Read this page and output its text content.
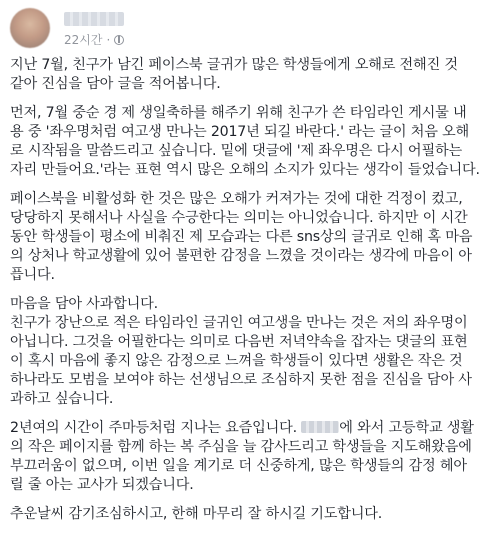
22시간 ·

지난 7월, 친구가 남긴 페이스북 글귀가 많은 학생들에게 오해로 전해진 것
같아 진심을 담아 글을 적어봅니다.

먼저, 7월 중순 경 제 생일축하를 해주기 위해 친구가 쓴 타임라인 게시물 내
용 중 '좌우명처럼 여고생 만나는 2017년 되길 바란다.' 라는 글이 처음 오해
로 시작됨을 말씀드리고 싶습니다. 밑에 댓글에 '제 좌우명은 다시 어필하는
자리 만들어요.'라는 표현 역시 많은 오해의 소지가 있다는 생각이 들었습니다.

페이스북을 비활성화 한 것은 많은 오해가 커져가는 것에 대한 걱정이 컸고,
당당하지 못해서나 사실을 수긍한다는 의미는 아니었습니다. 하지만 이 시간
동안 학생들이 평소에 비춰진 제 모습과는 다른 sns상의 글귀로 인해 혹 마음
의 상처나 학교생활에 있어 불편한 감정을 느꼈을 것이라는 생각에 마음이 아
픕니다.

마음을 담아 사과합니다.
친구가 장난으로 적은 타임라인 글귀인 여고생을 만나는 것은 저의 좌우명이
아닙니다. 그것을 어필한다는 의미로 다음번 저녁약속을 잡자는 댓글의 표현
이 혹시 마음에 좋지 않은 감정으로 느껴을 학생들이 있다면 생활은 작은 것
하나라도 모범을 보여야 하는 선생님으로 조심하지 못한 점을 진심을 담아 사
과하고 싶습니다.

2년여의 시간이 주마등처럼 지나는 요즘입니다.	에 와서 고등학교 생활
의 작은 페이지를 함께 하는 복 주심을 늘 감사드리고 학생들을 지도해왔음에
부끄러움이 없으며, 이번 일을 계기로 더 신중하게, 많은 학생들의 감정 헤아
릴 줄 아는 교사가 되겠습니다.

추운날씨 감기조심하시고, 한해 마무리 잘 하시길 기도합니다.
